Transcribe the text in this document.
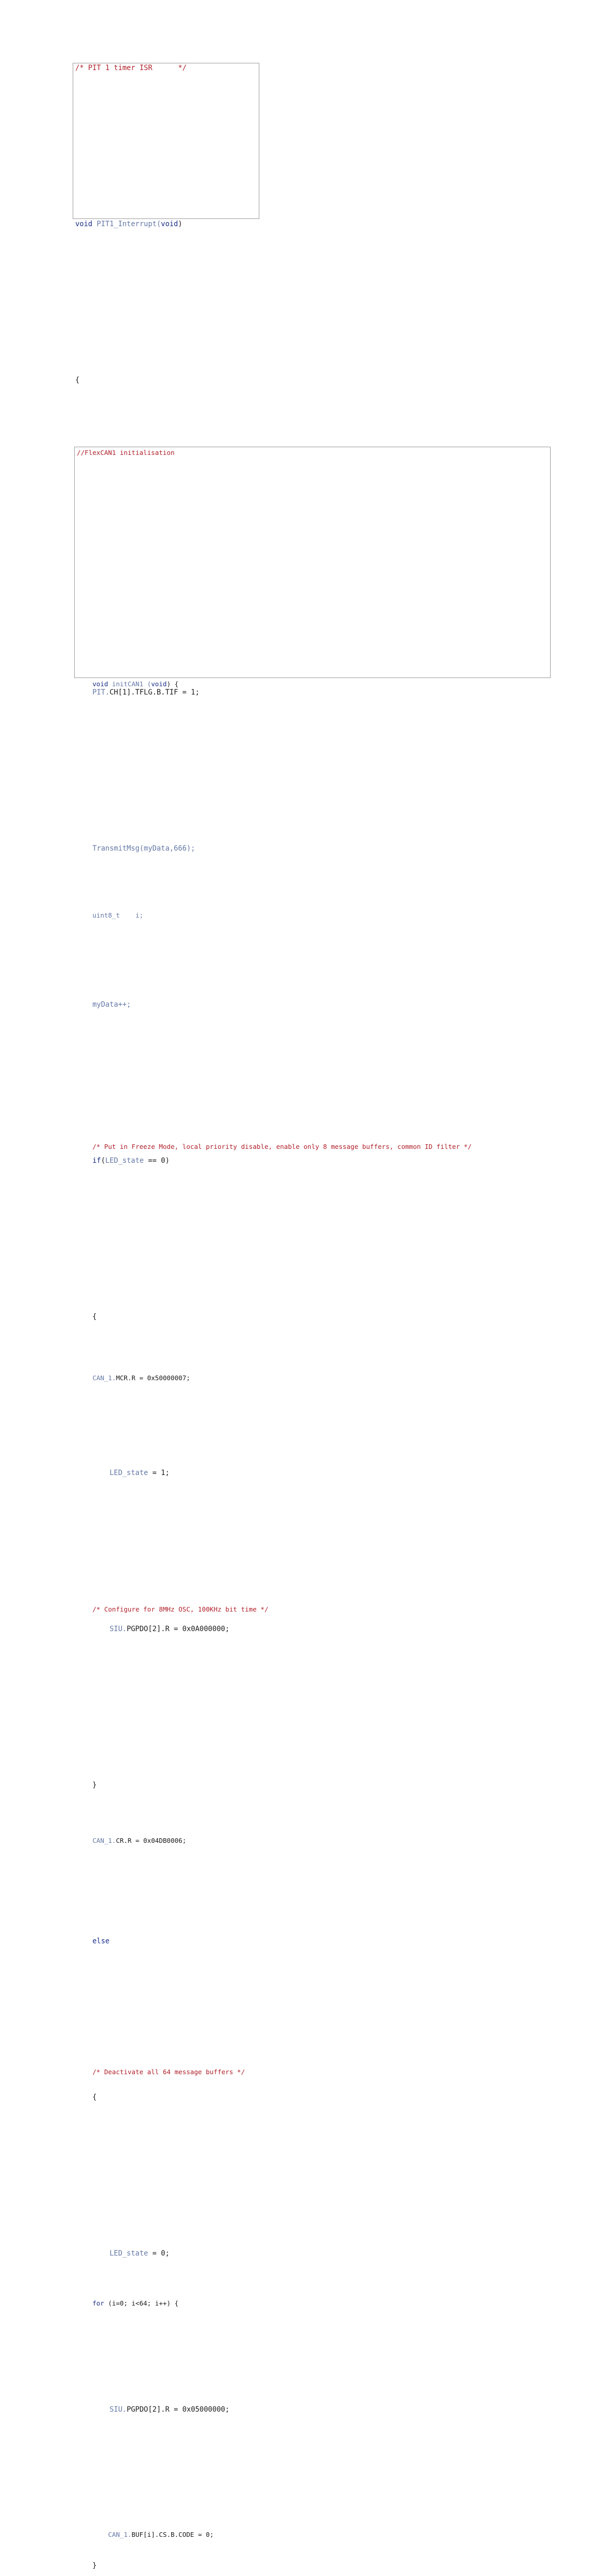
/* PIT 1 timer ISR      */
void PIT1_Interrupt(void)
{

PIT.CH[1].TFLG.B.TIF = 1;
TransmitMsg(myData,666);
myData++;
if(LED_state == 0)
{
LED_state = 1;
SIU.PGPDO[2].R = 0x0A000000;
}
else
{
LED_state = 0;
SIU.PGPDO[2].R = 0x05000000;
}
//FlexCAN1 initialisation
void initCAN1 (void) {
uint8_t    i;
/* Put in Freeze Mode, local priority disable, enable only 8 message buffers, common ID filter */
CAN_1.MCR.R = 0x50000007;
/* Configure for 8MHz OSC, 100KHz bit time */
CAN_1.CR.R = 0x04DB0006;
/* Deactivate all 64 message buffers */
for (i=0; i<64; i++) {
CAN_1.BUF[i].CS.B.CODE = 0;
